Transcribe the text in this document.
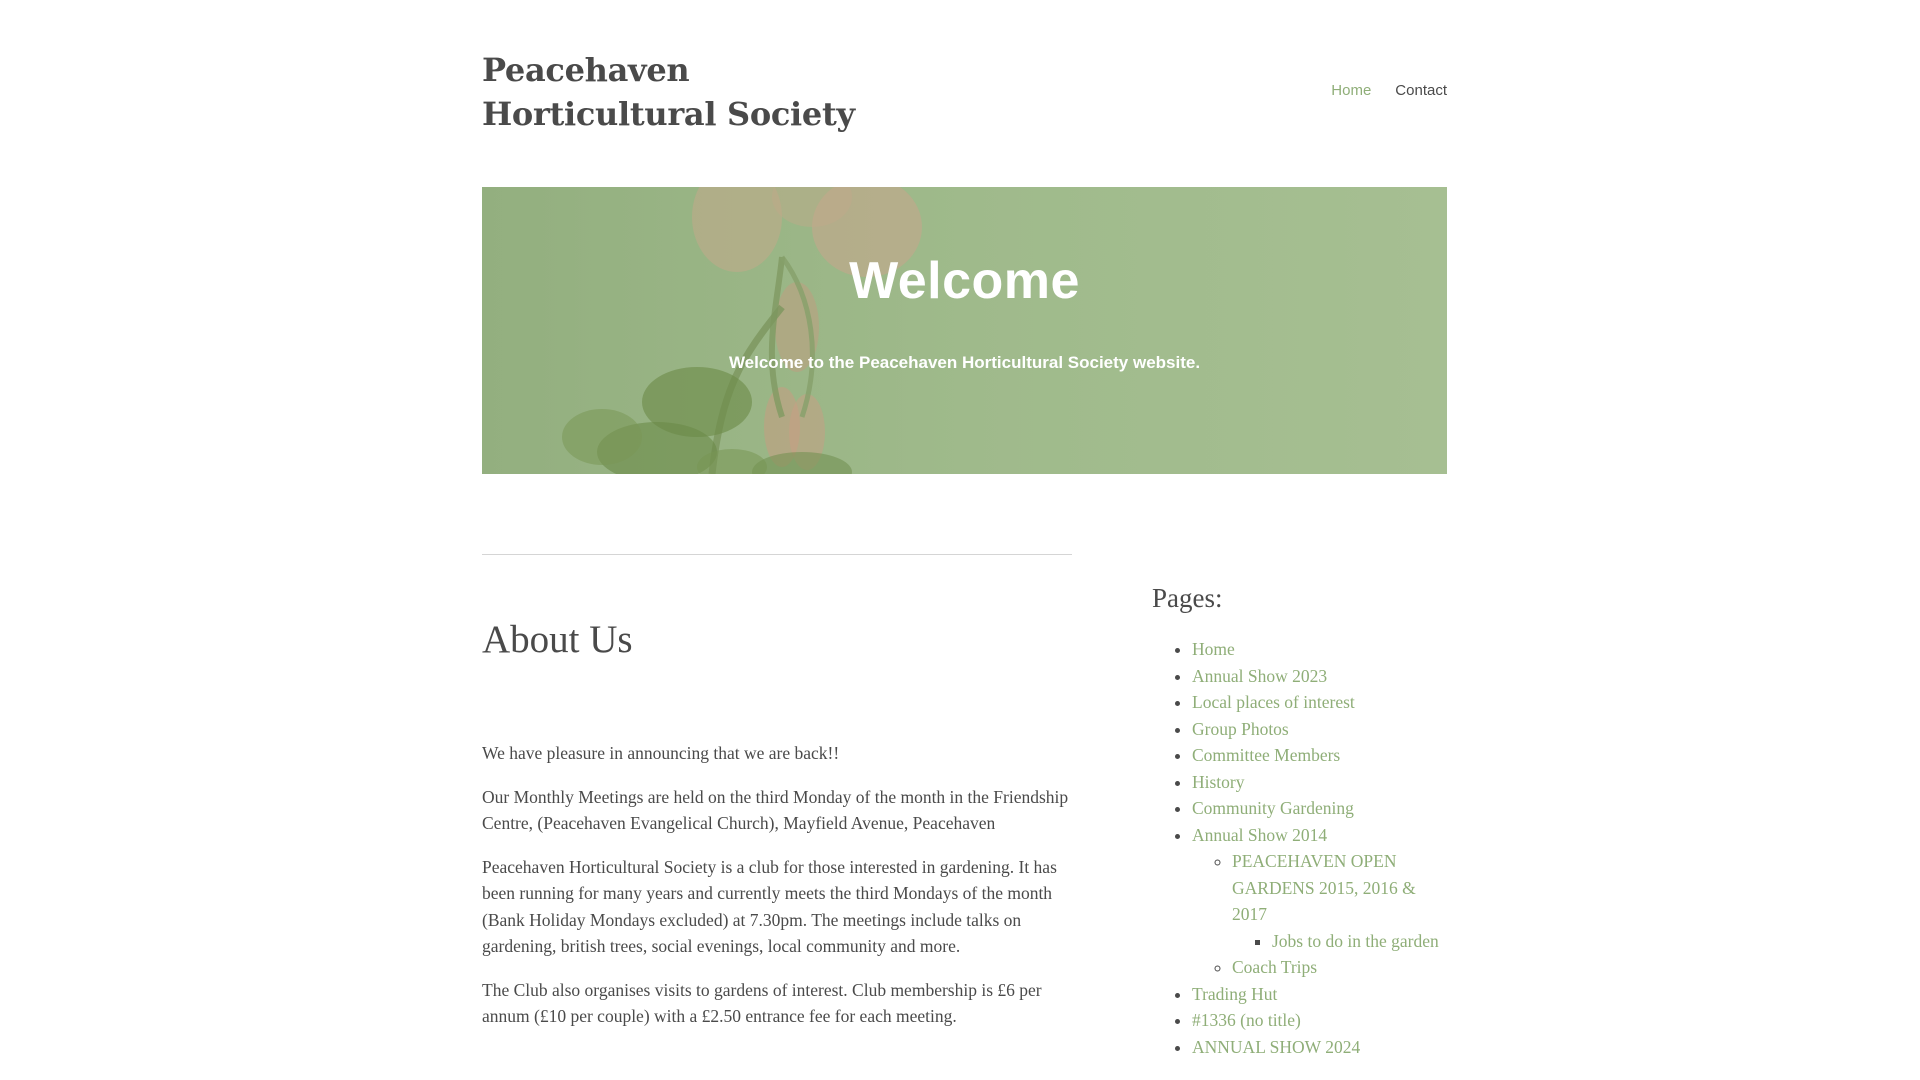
Peacehaven
Horticultural Society
Home Contact
Welcome

Welcome to the Peacehaven Horticultural Society website.

About Us

We have pleasure in announcing that we are back!!

Our Monthly Meetings are held on the third Monday of the month in the Friendship Centre, (Peacehaven Evangelical Church), Mayfield Avenue, Peacehaven

Peacehaven Horticultural Society is a club for those interested in gardening. It has been running for many years and currently meets the third Mondays of the month (Bank Holiday Mondays excluded) at 7.30pm. The meetings include talks on gardening, british trees, social evenings, local community and more.

The Club also organises visits to gardens of interest. Club membership is £6 per annum (£10 per couple) with a £2.50 entrance fee for each meeting.

Pages:
• Home
• Annual Show 2023
• Local places of interest
• Group Photos
• Committee Members
• History
• Community Gardening
• Annual Show 2014
◦ PEACEHAVEN OPEN GARDENS 2015, 2016 & 2017
▪ Jobs to do in the garden
◦ Coach Trips
• Trading Hut
• #1336 (no title)
• ANNUAL SHOW 2024
